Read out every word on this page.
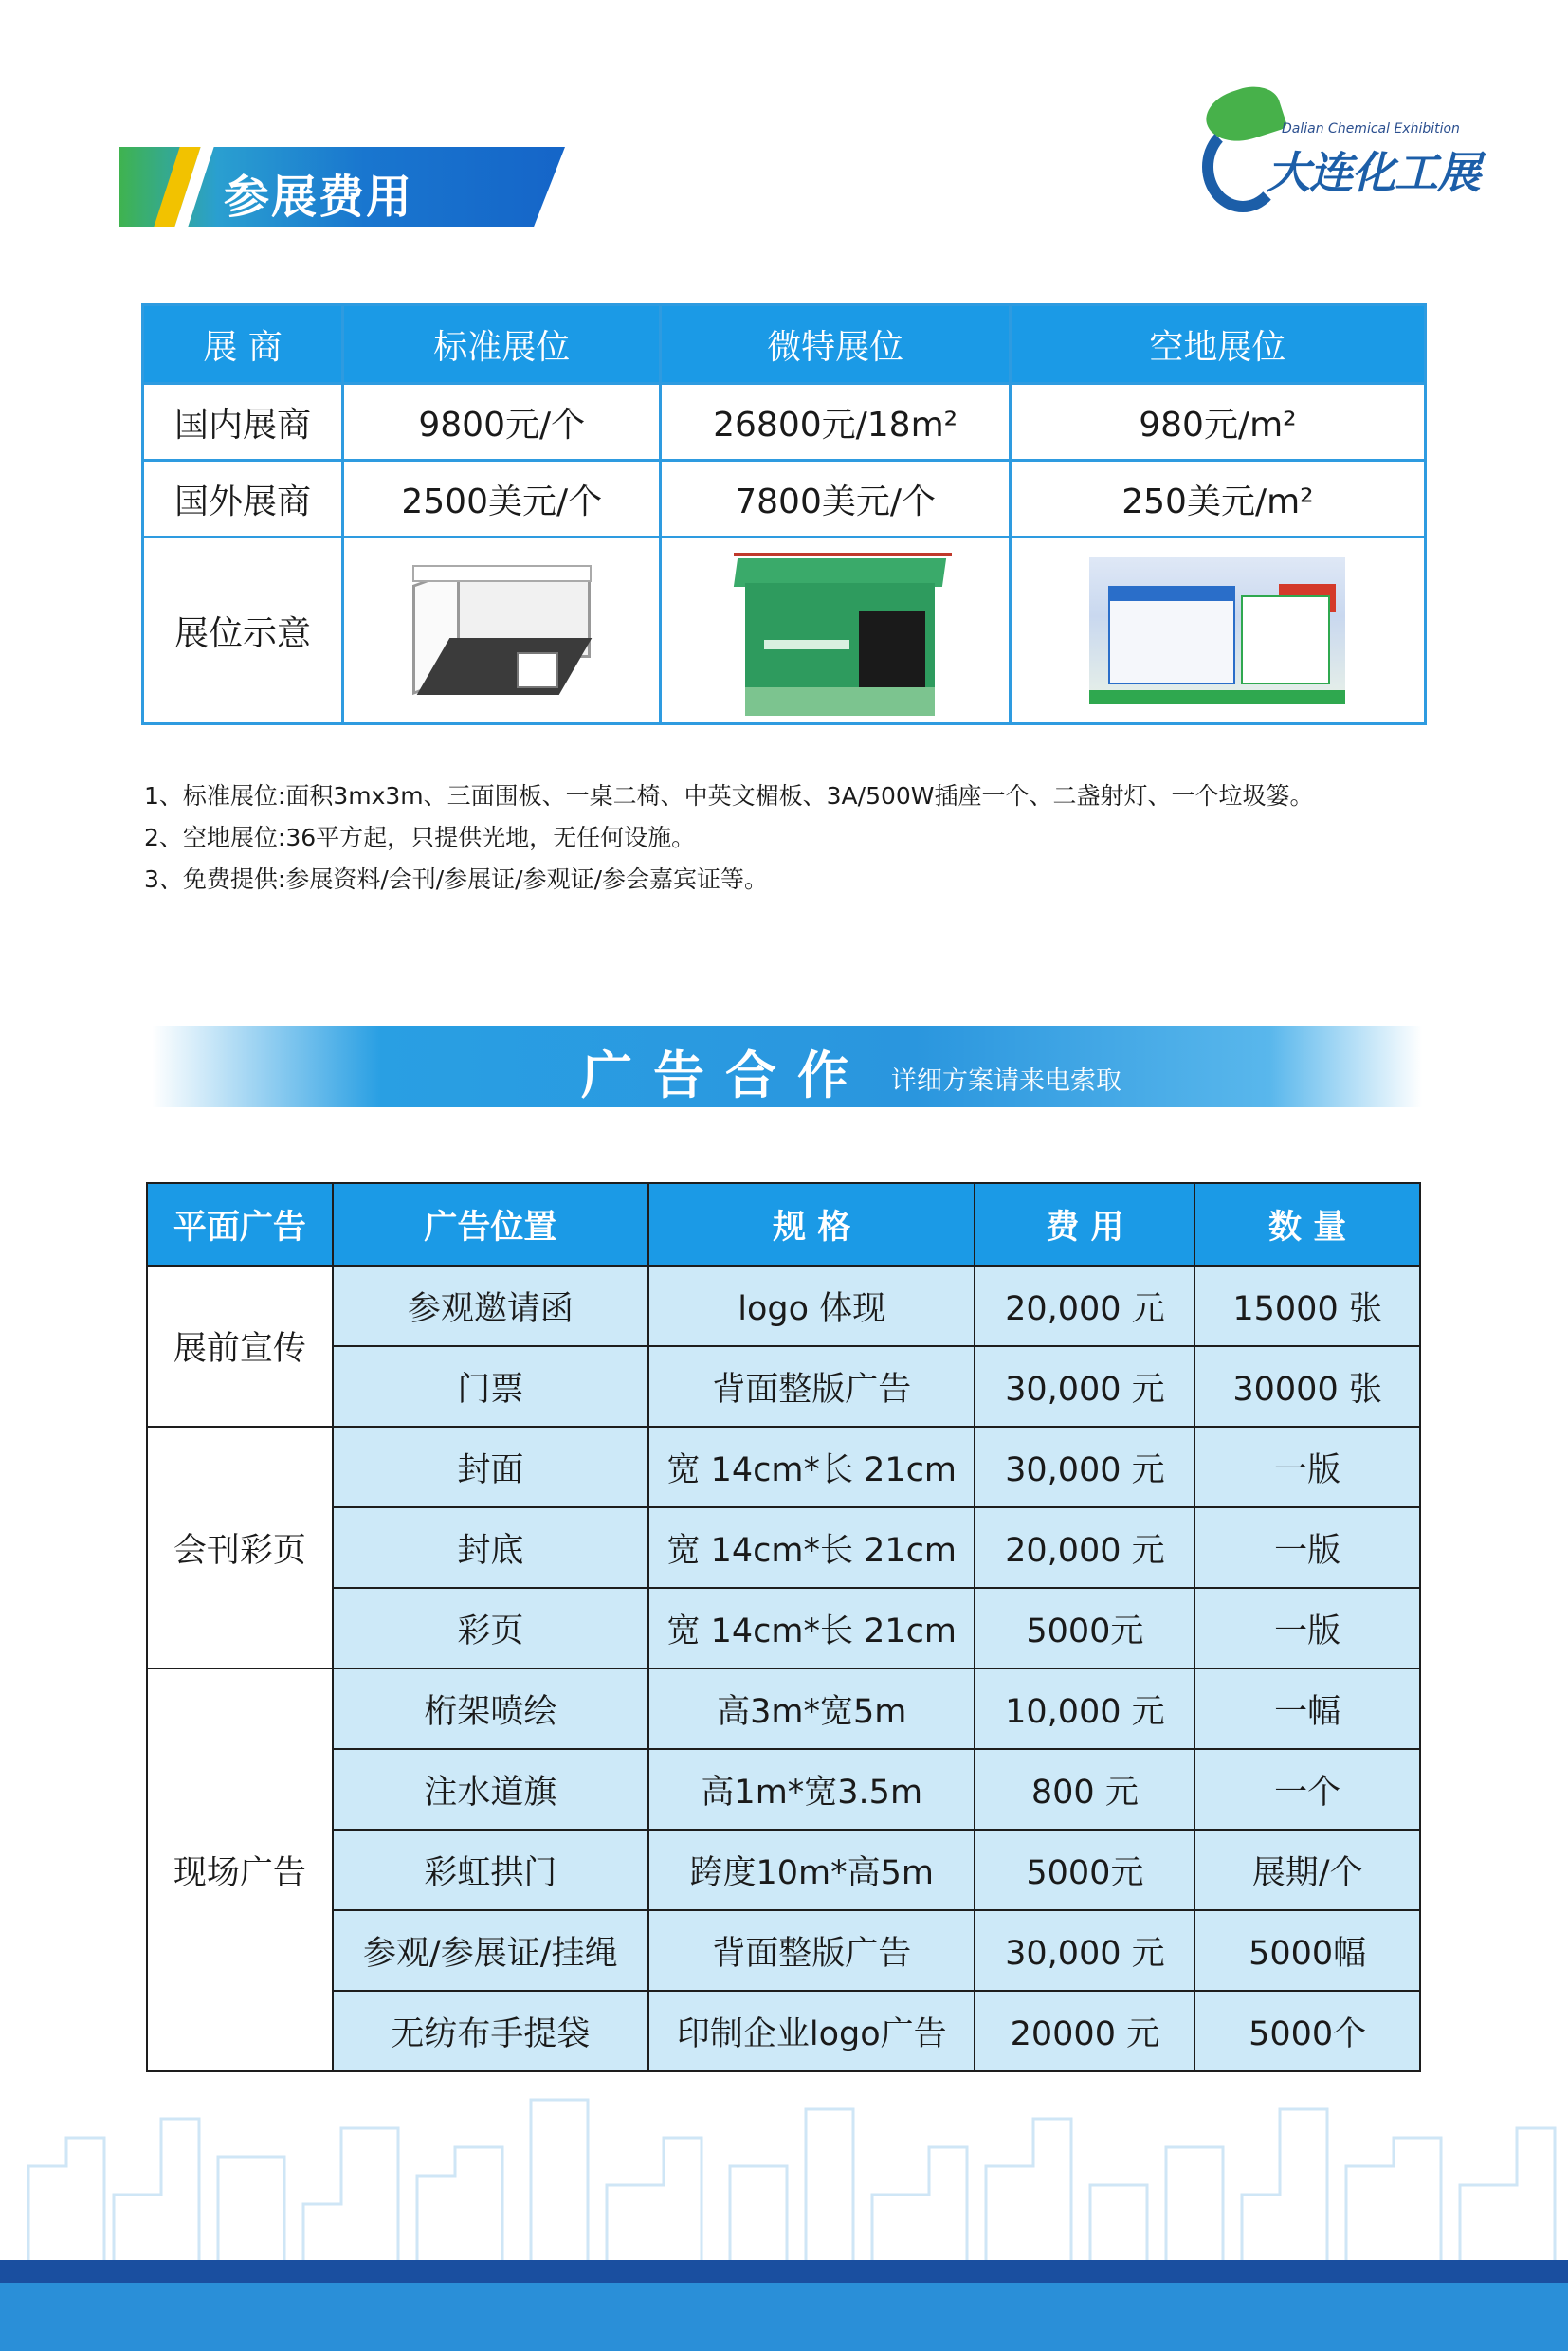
参展费用
Dalian Chemical Exhibition
大连化工展
展 商	标准展位	微特展位	空地展位
国内展商	9800元/个	26800元/18m²	980元/m²
国外展商	2500美元/个	7800美元/个	250美元/m²
展位示意	

1、标准展位:面积3mx3m、三面围板、一桌二椅、中英文楣板、3A/500W插座一个、二盏射灯、一个垃圾篓。
2、空地展位:36平方起，只提供光地，无任何设施。
3、免费提供:参展资料/会刊/参展证/参观证/参会嘉宾证等。
广告合作 详细方案请来电索取
平面广告	广告位置	规 格	费 用	数 量
展前宣传	参观邀请函	logo 体现	20,000 元	15000 张
	门票	背面整版广告	30,000 元	30000 张
会刊彩页	封面	宽 14cm*长 21cm	30,000 元	一版
	封底	宽 14cm*长 21cm	20,000 元	一版
	彩页	宽 14cm*长 21cm	5000元	一版
现场广告	桁架喷绘	高3m*宽5m	10,000 元	一幅
	注水道旗	高1m*宽3.5m	800 元	一个
	彩虹拱门	跨度10m*高5m	5000元	展期/个
	参观/参展证/挂绳	背面整版广告	30,000 元	5000幅
	无纺布手提袋	印制企业logo广告	20000 元	5000个
